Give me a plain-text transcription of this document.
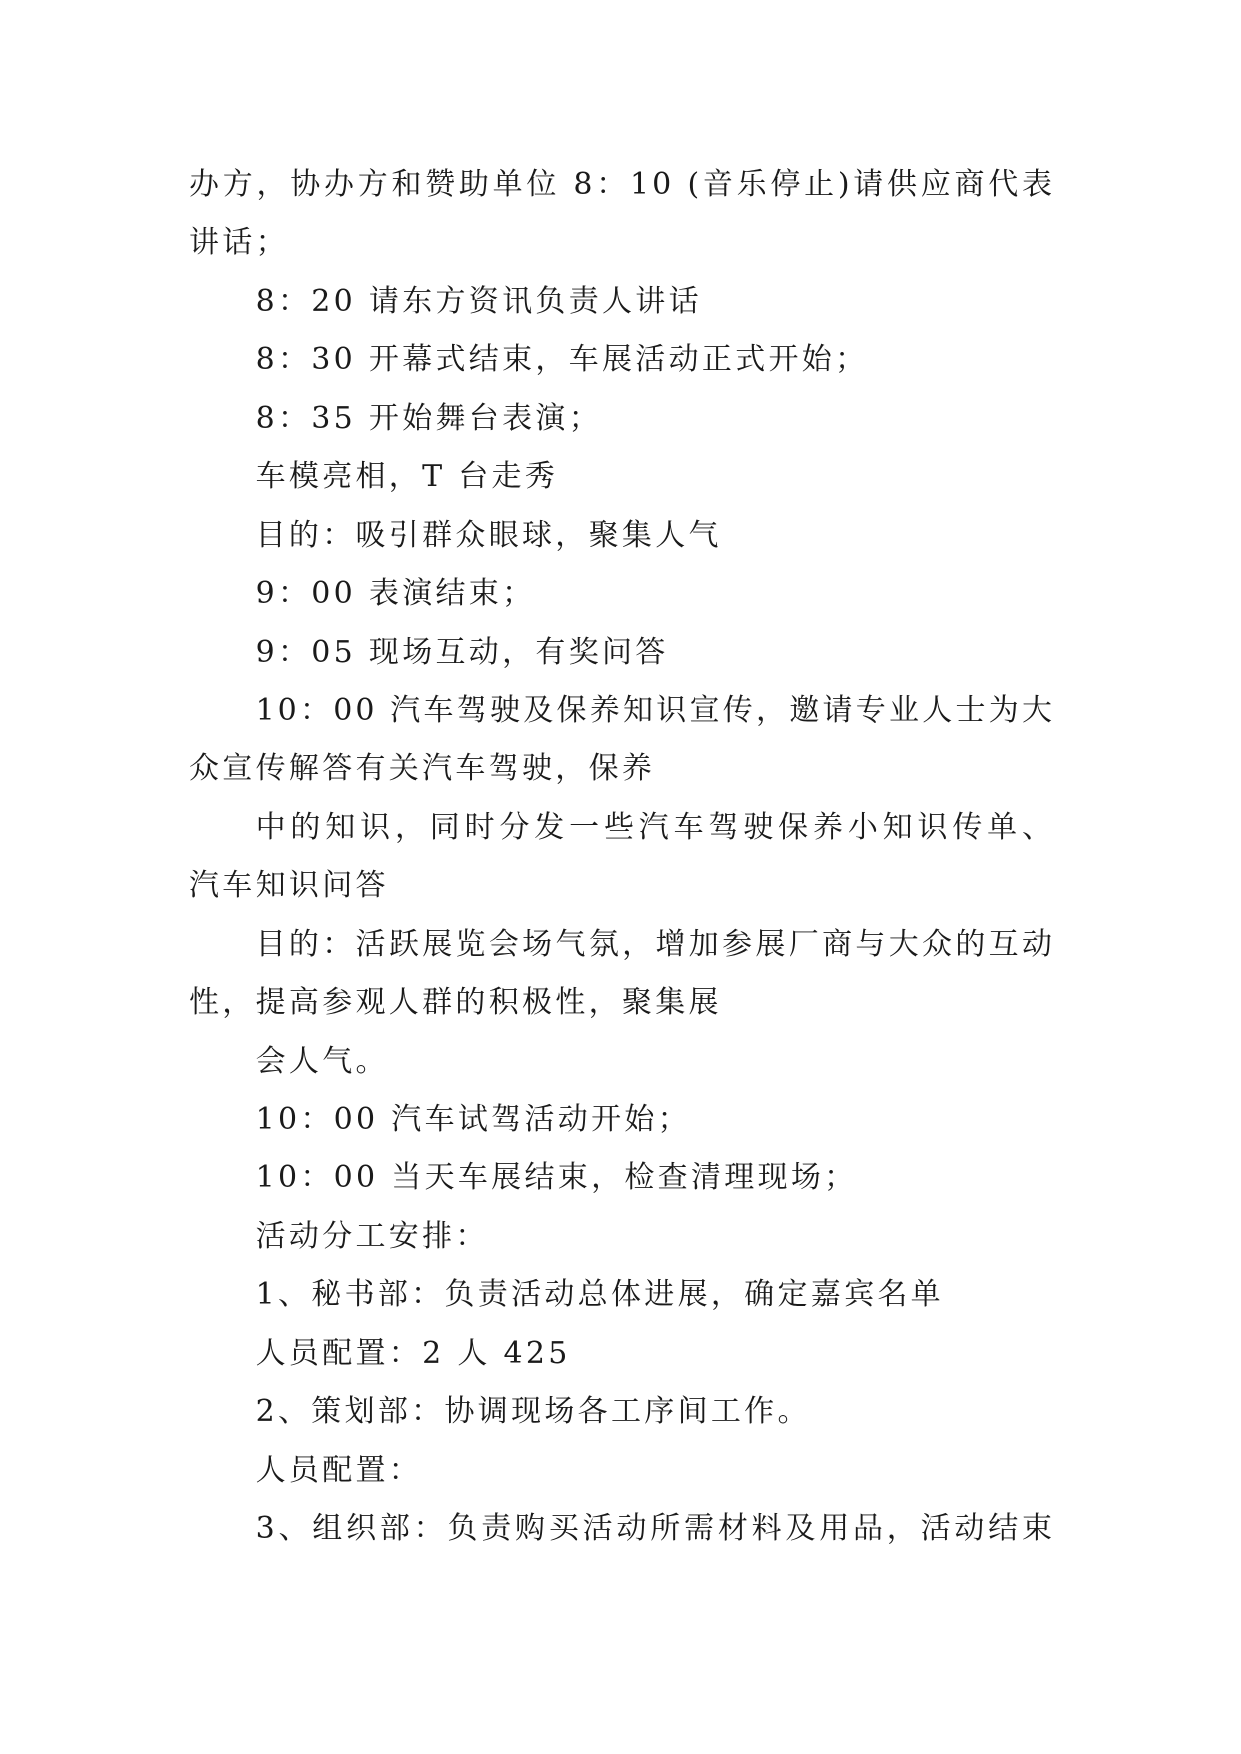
办方，协办方和赞助单位 8：10 (音乐停止)请供应商代表
讲话；
8：20 请东方资讯负责人讲话
8：30 开幕式结束，车展活动正式开始；
8：35 开始舞台表演；
车模亮相，T 台走秀
目的：吸引群众眼球，聚集人气
9：00 表演结束；
9：05 现场互动，有奖问答
10：00 汽车驾驶及保养知识宣传，邀请专业人士为大
众宣传解答有关汽车驾驶，保养
中的知识，同时分发一些汽车驾驶保养小知识传单、
汽车知识问答
目的：活跃展览会场气氛，增加参展厂商与大众的互动
性，提高参观人群的积极性，聚集展
会人气。
10：00 汽车试驾活动开始；
10：00 当天车展结束，检查清理现场；
活动分工安排：
1、秘书部：负责活动总体进展，确定嘉宾名单
人员配置：2 人 425
2、策划部：协调现场各工序间工作。
人员配置：
3、组织部：负责购买活动所需材料及用品，活动结束
